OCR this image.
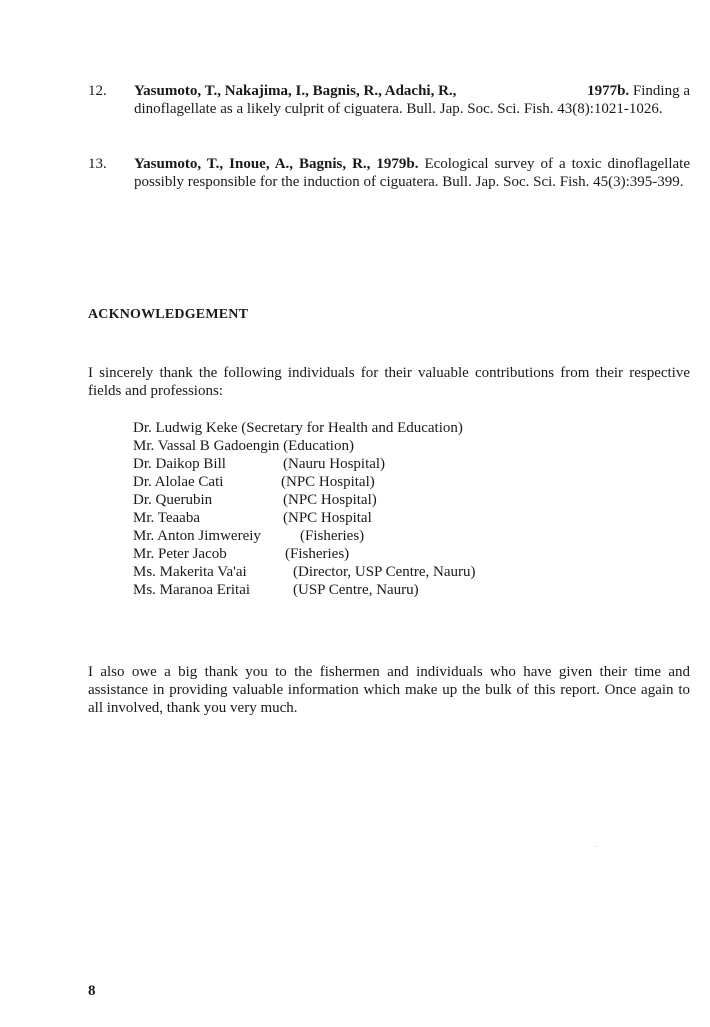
12.	Yasumoto, T., Nakajima, I., Bagnis, R., Adachi, R.,	1977b. Finding a
dinoflagellate as a likely culprit of ciguatera. Bull. Jap. Soc. Sci. Fish. 43(8):1021-1026.
13.	Yasumoto, T., Inoue, A., Bagnis, R., 1979b. Ecological survey of a toxic dinoflagellate possibly responsible for the induction of ciguatera. Bull. Jap. Soc. Sci. Fish. 45(3):395-399.
ACKNOWLEDGEMENT
I sincerely thank the following individuals for their valuable contributions from their respective fields and professions:
Dr. Ludwig Keke (Secretary for Health and Education)
Mr. Vassal B Gadoengin (Education)
Dr. Daikop Bill	(Nauru Hospital)
Dr. Alolae Cati	(NPC Hospital)
Dr. Querubin	(NPC Hospital)
Mr. Teaaba	(NPC Hospital
Mr. Anton Jimwereiy	(Fisheries)
Mr. Peter Jacob	(Fisheries)
Ms. Makerita Va'ai	(Director, USP Centre, Nauru)
Ms. Maranoa Eritai	(USP Centre, Nauru)
I also owe a big thank you to the fishermen and individuals who have given their time and assistance in providing valuable information which make up the bulk of this report. Once again to all involved, thank you very much.
8
